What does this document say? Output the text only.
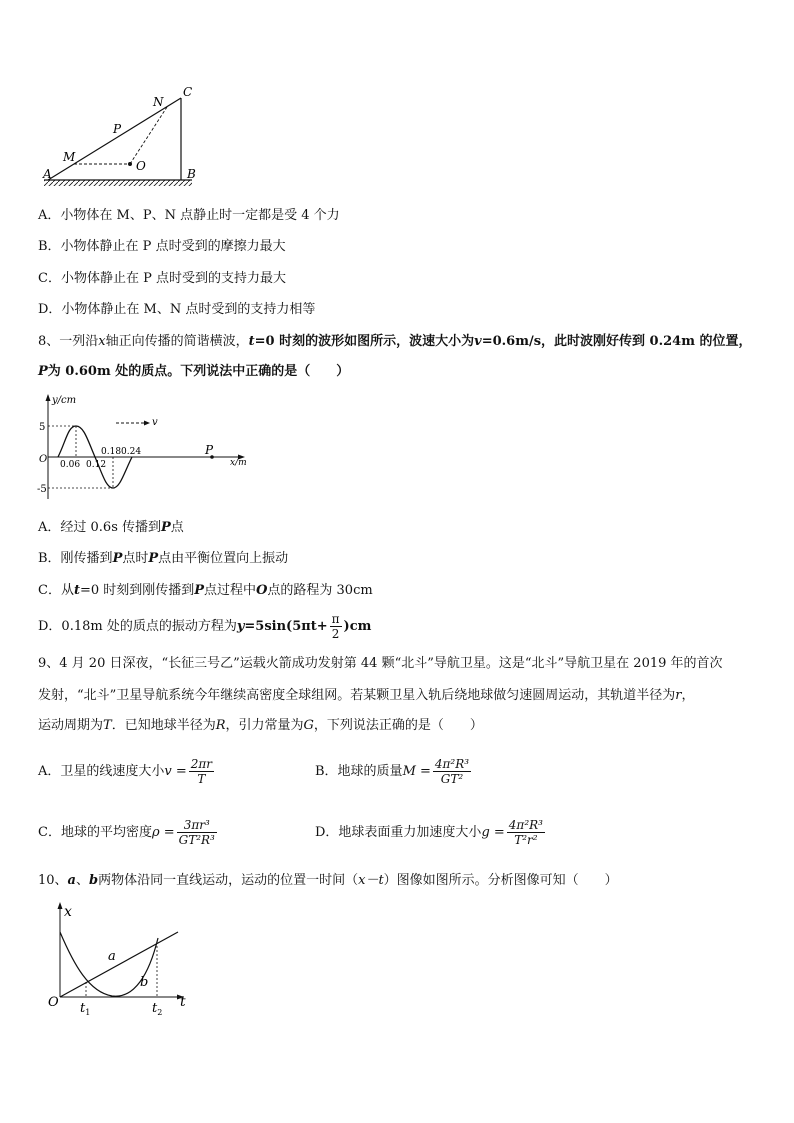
A	B
C
M
N
P
O
A．小物体在 M、P、N 点静止时一定都是受 4 个力
B．小物体静止在 P 点时受到的摩擦力最大
C．小物体静止在 P 点时受到的支持力最大
D．小物体静止在 M、N 点时受到的支持力相等
8、一列沿x轴正向传播的简谐横波，t=0 时刻的波形如图所示，波速大小为v=0.6m/s，此时波刚好传到 0.24m 的位置，
P为 0.60m 处的质点。下列说法中正确的是（　　）
y/cm
x/m
5
-5
O 0.06 0.12
0.18 0.24
v
P
A．经过 0.6s 传播到P点
B．刚传播到P点时P点由平衡位置向上振动
C．从t=0 时刻到刚传播到P点过程中O点的路程为 30cm
D．0.18m 处的质点的振动方程为$y=5\sin(5\pi t+ \frac{\pi}{2} )cm$
9、4 月 20 日深夜，“长征三号乙”运载火箭成功发射第 44 颗“北斗”导航卫星。这是“北斗”导航卫星在 2019 年的首次
发射，“北斗”卫星导航系统今年继续高密度全球组网。若某颗卫星入轨后绕地球做匀速圆周运动，其轨道半径为r，
运动周期为T．已知地球半径为R，引力常量为G，下列说法正确的是（　　）
A．卫星的线速度大小$v = \frac{2\pi r}{T}$	B．地球的质量$M = \frac{\text{4π²R³}}{\text{GT²}}$
C．地球的平均密度$\rho = \frac{\text{3πr³}}{\text{GT²R³}}$	D．地球表面重力加速度大小$g = \frac{\text{4π²R³}}{\text{T²r²}}$
10、a、b两物体沿同一直线运动，运动的位置一时间（x－t）图像如图所示。分析图像可知（　　）
x
t
O
a
b
$t_1$	$t_2$
